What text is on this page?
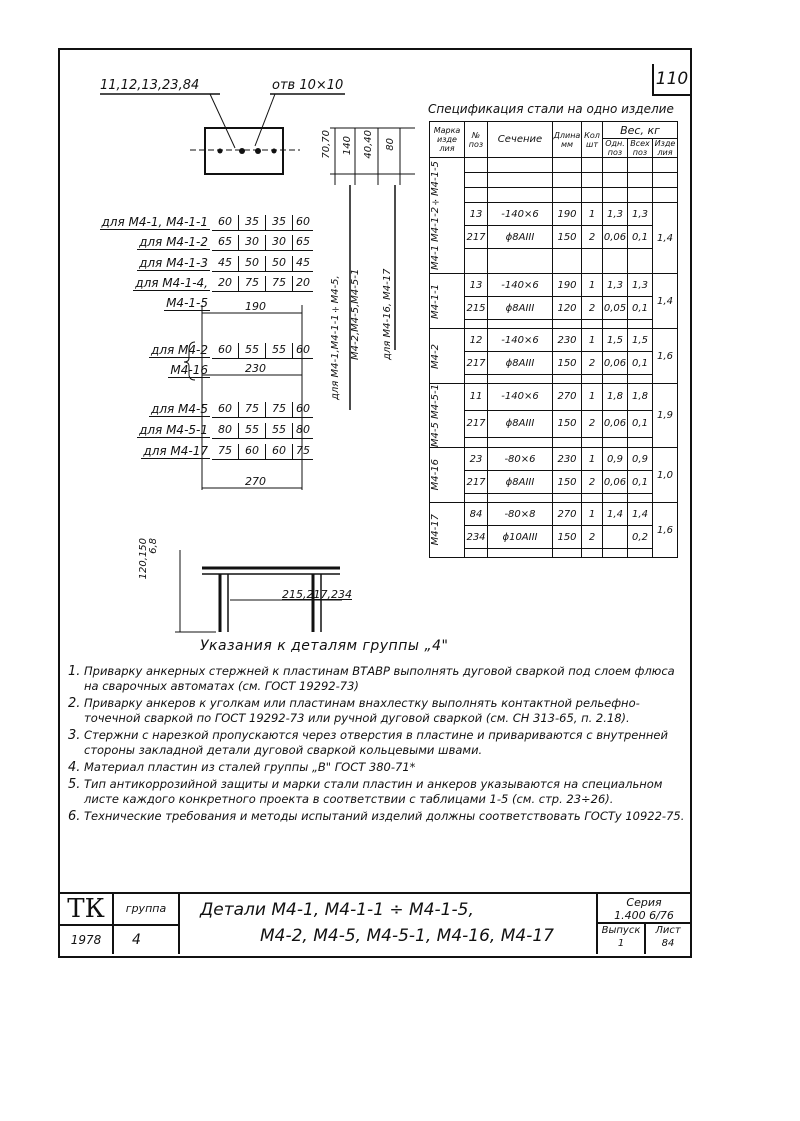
110
11,12,13,23,84	отв 10×10
70,70 140 40,40 80
для М4-1,М4-1-1÷М4-5, М4-2,М4-5,М4-5-1 для М4-16, М4-17
для М4-1, М4-1-1 60	35	35 60
для М4-1-2 65	30	30 65
для М4-1-3 45	50	50 45
для М4-1-4, 20	75	75 20
М4-1-5
для М4-2 60	55	55 60
М4-16
для М4-5 60	75	75 60
для М4-5-1 80	55	55 80
для М4-17 75	60	60 75
190
230
270
120,150 6,8
215,217,234
Спецификация стали на одно изделие
Марка изде лия	№ поз	Сечение	Длина мм	Кол шт	Вес, кг		
					Одн. поз	Всех поз	Изде лия

М4-1 М4-1-2÷М4-1-5							

	13	-140×6	190	1	1,3	1,3	1,4
	217	ϕ8АIII	150	2	0,06	0,1	

М4-1-1	13	-140×6	190	1	1,3	1,3	1,4
	215	ϕ8АIII	120	2	0,05	0,1	

М4-2	12	-140×6	230	1	1,5	1,5	1,6
	217	ϕ8АIII	150	2	0,06	0,1	

М4-5 М4-5-1	11	-140×6	270	1	1,8	1,8	1,9
	217	ϕ8АIII	150	2	0,06	0,1	

М4-16	23	-80×6	230	1	0,9	0,9	1,0
	217	ϕ8АIII	150	2	0,06	0,1	

М4-17	84	-80×8	270	1	1,4	1,4	1,6
	234	ϕ10АIII	150	2		0,2	

Указания к деталям группы „4"
1. Приварку анкерных стержней к пластинам ВТАВР выполнять дуговой сваркой под слоем флюса на сварочных автоматах (см. ГОСТ 19292-73)
2. Приварку анкеров к уголкам или пластинам внахлестку выполнять контактной рельефно-точечной сваркой по ГОСТ 19292-73 или ручной дуговой сваркой (см. СН 313-65, п. 2.18).
3. Стержни с нарезкой пропускаются через отверстия в пластине и привариваются с внутренней стороны закладной детали дуговой сваркой кольцевыми швами.
4. Материал пластин из сталей группы „В" ГОСТ 380-71*
5. Тип антикоррозийной защиты и марки стали пластин и анкеров указываются на специальном листе каждого конкретного проекта в соответствии с таблицами 1-5 (см. стр. 23÷26).
6. Технические требования и методы испытаний изделий должны соответствовать ГОСТу 10922-75.
ТК	группа
1978	4
Детали М4-1, М4-1-1 ÷ М4-1-5,
М4-2, М4-5, М4-5-1, М4-16, М4-17
Серия
1.400 6/76
Выпуск
1
Лист
84
